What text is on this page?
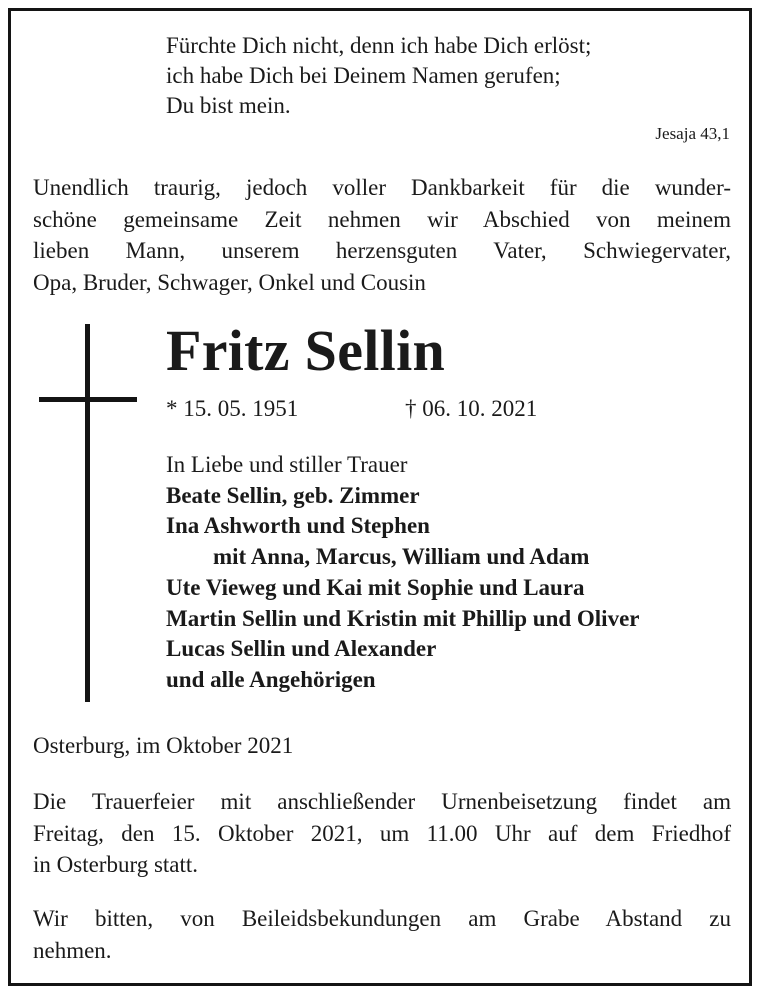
Fürchte Dich nicht, denn ich habe Dich erlöst;
ich habe Dich bei Deinem Namen gerufen;
Du bist mein.
Jesaja 43,1
Unendlich traurig, jedoch voller Dankbarkeit für die wunder-
schöne gemeinsame Zeit nehmen wir Abschied von meinem
lieben Mann, unserem herzensguten Vater, Schwiegervater,
Opa, Bruder, Schwager, Onkel und Cousin
Fritz Sellin
* 15. 05. 1951	† 06. 10. 2021
In Liebe und stiller Trauer
Beate Sellin, geb. Zimmer
Ina Ashworth und Stephen
mit Anna, Marcus, William und Adam
Ute Vieweg und Kai mit Sophie und Laura
Martin Sellin und Kristin mit Phillip und Oliver
Lucas Sellin und Alexander
und alle Angehörigen
Osterburg, im Oktober 2021
Die Trauerfeier mit anschließender Urnenbeisetzung findet am
Freitag, den 15. Oktober 2021, um 11.00 Uhr auf dem Friedhof
in Osterburg statt.
Wir bitten, von Beileidsbekundungen am Grabe Abstand zu
nehmen.
